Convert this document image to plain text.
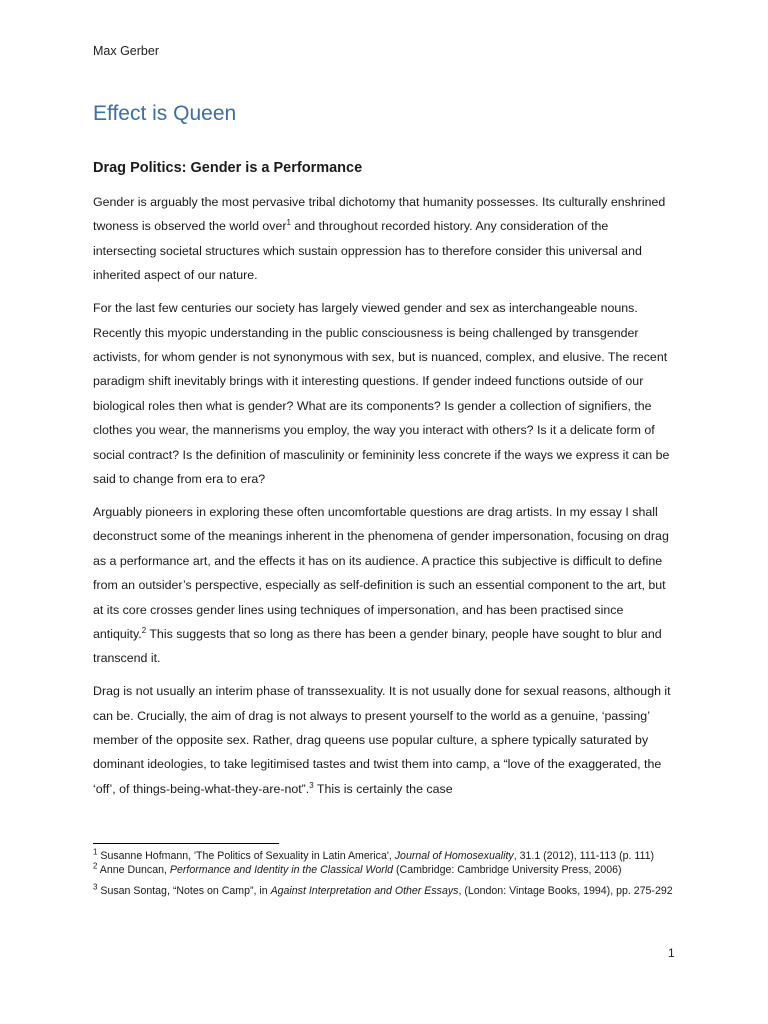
Max Gerber
Effect is Queen
Drag Politics: Gender is a Performance

Gender is arguably the most pervasive tribal dichotomy that humanity possesses. Its culturally enshrined twoness is observed the world over$^1$ and throughout recorded history. Any consideration of the intersecting societal structures which sustain oppression has to therefore consider this universal and inherited aspect of our nature.

For the last few centuries our society has largely viewed gender and sex as interchangeable nouns. Recently this myopic understanding in the public consciousness is being challenged by transgender activists, for whom gender is not synonymous with sex, but is nuanced, complex, and elusive. The recent paradigm shift inevitably brings with it interesting questions. If gender indeed functions outside of our biological roles then what is gender? What are its components? Is gender a collection of signifiers, the clothes you wear, the mannerisms you employ, the way you interact with others? Is it a delicate form of social contract? Is the definition of masculinity or femininity less concrete if the ways we express it can be said to change from era to era?

Arguably pioneers in exploring these often uncomfortable questions are drag artists. In my essay I shall deconstruct some of the meanings inherent in the phenomena of gender impersonation, focusing on drag as a performance art, and the effects it has on its audience. A practice this subjective is difficult to define from an outsider’s perspective, especially as self-definition is such an essential component to the art, but at its core crosses gender lines using techniques of impersonation, and has been practised since antiquity.$^2$ This suggests that so long as there has been a gender binary, people have sought to blur and transcend it.

Drag is not usually an interim phase of transsexuality. It is not usually done for sexual reasons, although it can be. Crucially, the aim of drag is not always to present yourself to the world as a genuine, ‘passing’ member of the opposite sex. Rather, drag queens use popular culture, a sphere typically saturated by dominant ideologies, to take legitimised tastes and twist them into camp, a “love of the exaggerated, the ‘off’, of things-being-what-they-are-not”.$^3$ This is certainly the case

$^1$ Susanne Hofmann, 'The Politics of Sexuality in Latin America', Journal of Homosexuality, 31.1 (2012), 111-113 (p. 111)

$^2$ Anne Duncan, Performance and Identity in the Classical World (Cambridge: Cambridge University Press, 2006)

$^3$ Susan Sontag, “Notes on Camp”, in Against Interpretation and Other Essays, (London: Vintage Books, 1994), pp. 275-292

1
